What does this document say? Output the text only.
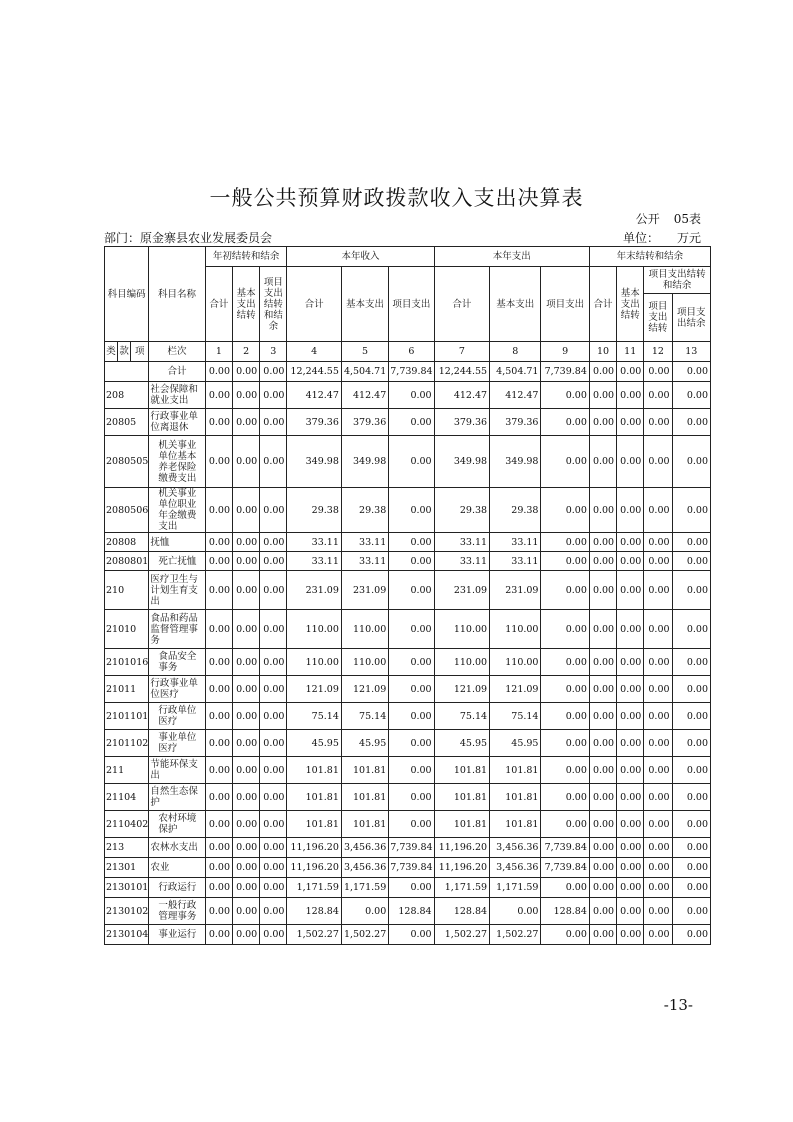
一般公共预算财政拨款收入支出决算表
公开 05表
部门：原金寨县农业发展委员会	单位： 万元
科目编码			科目名称	年初结转和结余			本年收入			本年支出			年末结转和结余			
				合计	基本支出结转	项目支出结转和结余	合计	基本支出	项目支出	合计	基本支出	项目支出	合计	基本支出结转	项目支出结转和结余	
															项目支出结转	项目支出结余
类	款	项	栏次	1	2	3	4	5	6	7	8	9	10	11	12	13
			合计	0.00	0.00	0.00	12,244.55	4,504.71	7,739.84	12,244.55	4,504.71	7,739.84	0.00	0.00	0.00	0.00
208			社会保障和就业支出	0.00	0.00	0.00	412.47	412.47	0.00	412.47	412.47	0.00	0.00	0.00	0.00	0.00
20805			行政事业单位离退休	0.00	0.00	0.00	379.36	379.36	0.00	379.36	379.36	0.00	0.00	0.00	0.00	0.00
2080505			机关事业单位基本养老保险缴费支出	0.00	0.00	0.00	349.98	349.98	0.00	349.98	349.98	0.00	0.00	0.00	0.00	0.00
2080506			机关事业单位职业年金缴费支出	0.00	0.00	0.00	29.38	29.38	0.00	29.38	29.38	0.00	0.00	0.00	0.00	0.00
20808			抚恤	0.00	0.00	0.00	33.11	33.11	0.00	33.11	33.11	0.00	0.00	0.00	0.00	0.00
2080801			死亡抚恤	0.00	0.00	0.00	33.11	33.11	0.00	33.11	33.11	0.00	0.00	0.00	0.00	0.00
210			医疗卫生与计划生育支出	0.00	0.00	0.00	231.09	231.09	0.00	231.09	231.09	0.00	0.00	0.00	0.00	0.00
21010			食品和药品监督管理事务	0.00	0.00	0.00	110.00	110.00	0.00	110.00	110.00	0.00	0.00	0.00	0.00	0.00
2101016			食品安全事务	0.00	0.00	0.00	110.00	110.00	0.00	110.00	110.00	0.00	0.00	0.00	0.00	0.00
21011			行政事业单位医疗	0.00	0.00	0.00	121.09	121.09	0.00	121.09	121.09	0.00	0.00	0.00	0.00	0.00
2101101			行政单位医疗	0.00	0.00	0.00	75.14	75.14	0.00	75.14	75.14	0.00	0.00	0.00	0.00	0.00
2101102			事业单位医疗	0.00	0.00	0.00	45.95	45.95	0.00	45.95	45.95	0.00	0.00	0.00	0.00	0.00
211			节能环保支出	0.00	0.00	0.00	101.81	101.81	0.00	101.81	101.81	0.00	0.00	0.00	0.00	0.00
21104			自然生态保护	0.00	0.00	0.00	101.81	101.81	0.00	101.81	101.81	0.00	0.00	0.00	0.00	0.00
2110402			农村环境保护	0.00	0.00	0.00	101.81	101.81	0.00	101.81	101.81	0.00	0.00	0.00	0.00	0.00
213			农林水支出	0.00	0.00	0.00	11,196.20	3,456.36	7,739.84	11,196.20	3,456.36	7,739.84	0.00	0.00	0.00	0.00
21301			农业	0.00	0.00	0.00	11,196.20	3,456.36	7,739.84	11,196.20	3,456.36	7,739.84	0.00	0.00	0.00	0.00
2130101			行政运行	0.00	0.00	0.00	1,171.59	1,171.59	0.00	1,171.59	1,171.59	0.00	0.00	0.00	0.00	0.00
2130102			一般行政管理事务	0.00	0.00	0.00	128.84	0.00	128.84	128.84	0.00	128.84	0.00	0.00	0.00	0.00
2130104			事业运行	0.00	0.00	0.00	1,502.27	1,502.27	0.00	1,502.27	1,502.27	0.00	0.00	0.00	0.00	0.00
-13-
